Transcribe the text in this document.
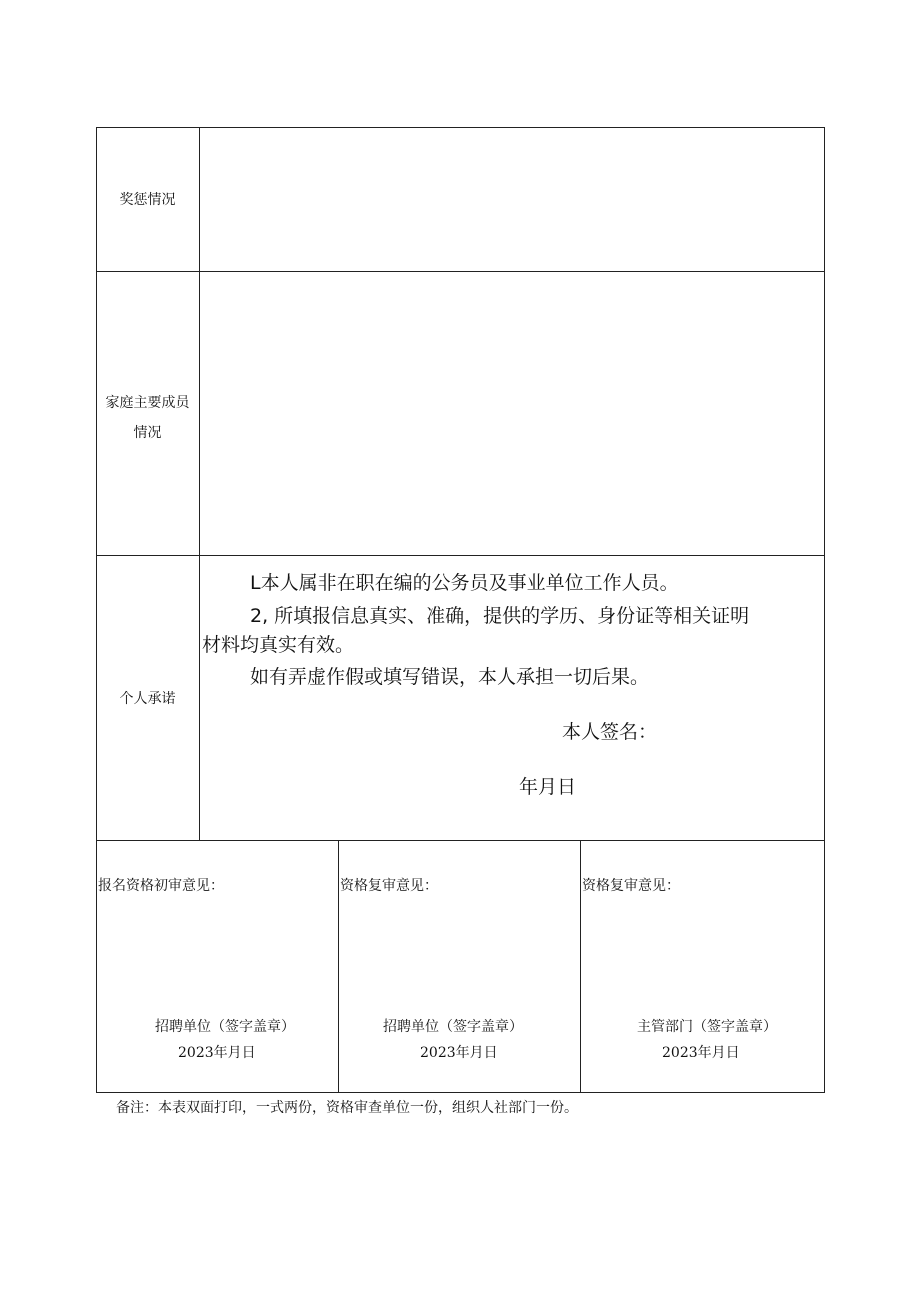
奖惩情况
家庭主要成员
情况
个人承诺
L本人属非在职在编的公务员及事业单位工作人员。
2, 所填报信息真实、准确，提供的学历、身份证等相关证明
材料均真实有效。
如有弄虚作假或填写错误，本人承担一切后果。
本人签名：
年月日
报名资格初审意见：
招聘单位（签字盖章）
2023年月日
资格复审意见：
招聘单位（签字盖章）
2023年月日
资格复审意见：
主管部门（签字盖章）
2023年月日
备注：本表双面打印，一式两份，资格审查单位一份，组织人社部门一份。
